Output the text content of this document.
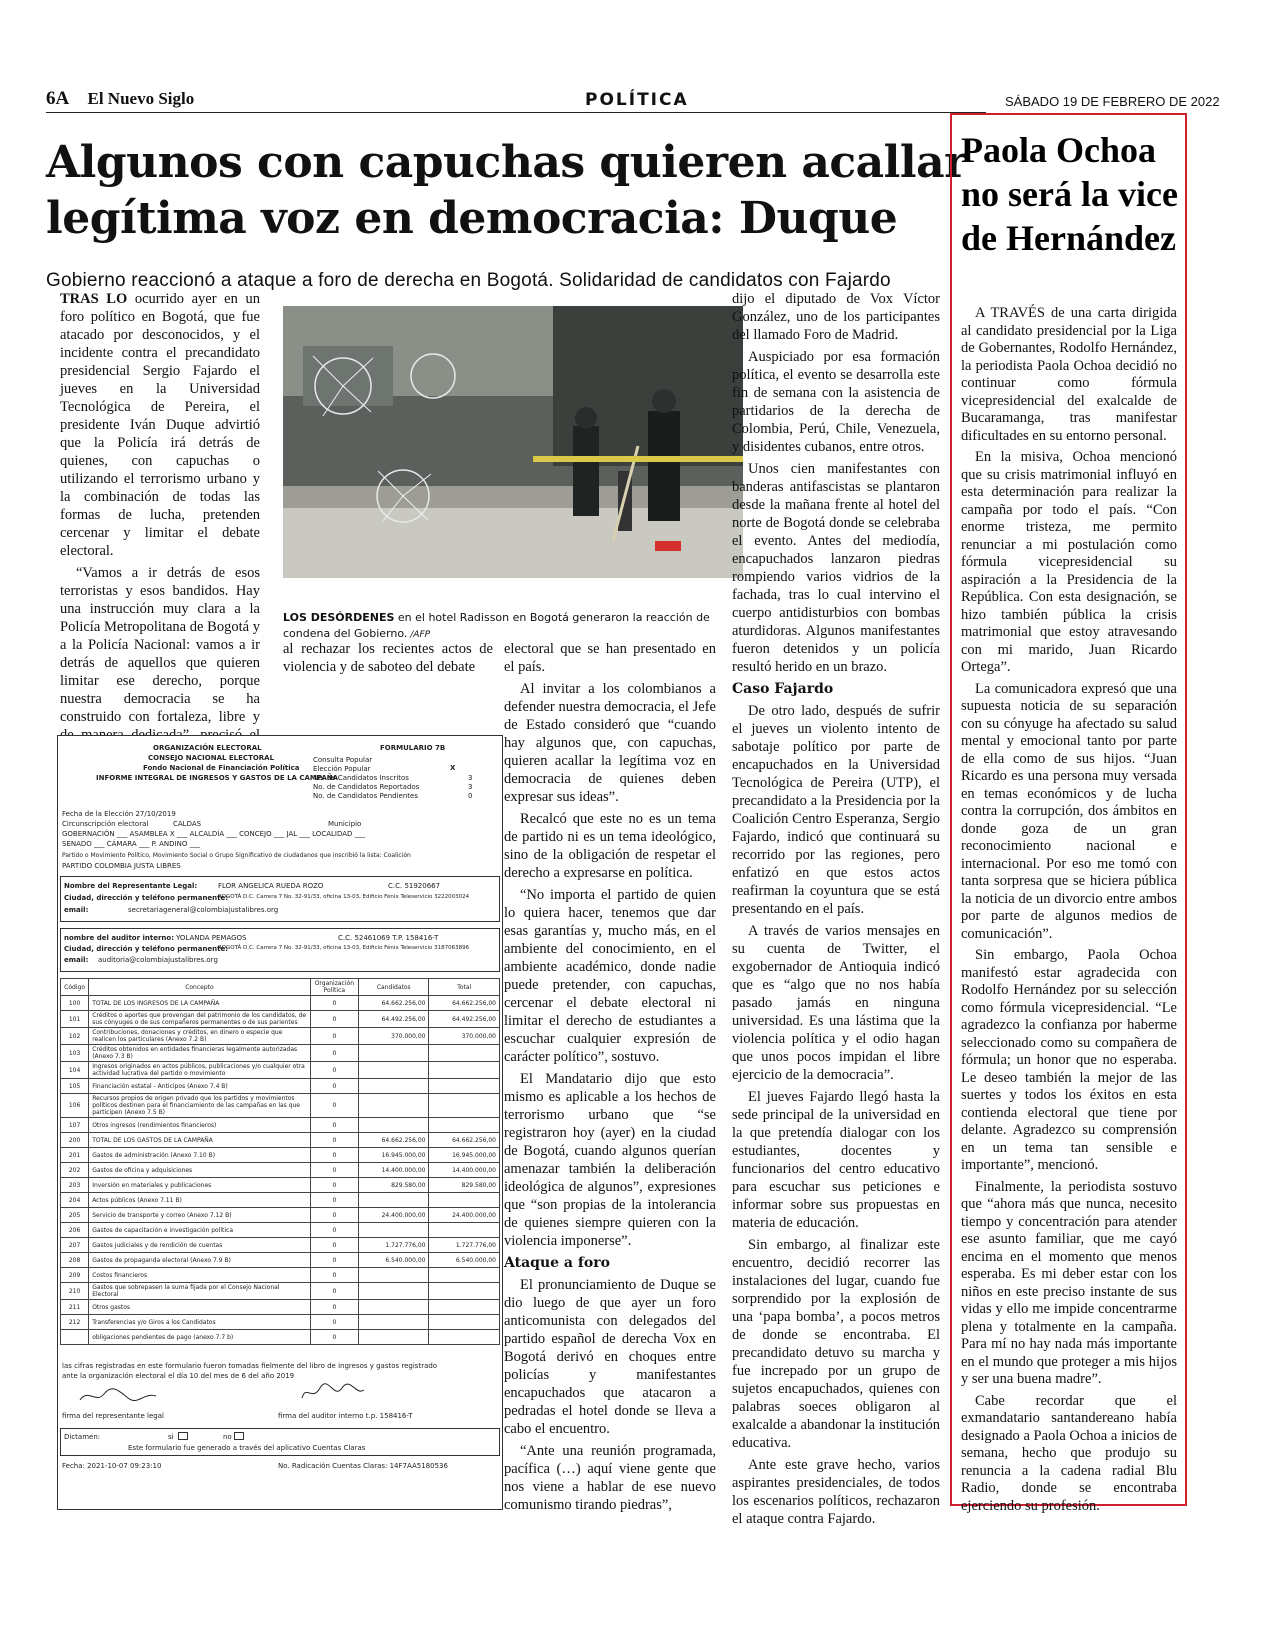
6A El Nuevo Siglo	POLÍTICA	SÁBADO 19 DE FEBRERO DE 2022
Algunos con capuchas quieren acallar legítima voz en democracia: Duque
Gobierno reaccionó a ataque a foro de derecha en Bogotá. Solidaridad de candidatos con Fajardo

TRAS LO ocurrido ayer en un foro político en Bogotá, que fue atacado por desconocidos, y el incidente contra el precandidato presidencial Sergio Fajardo el jueves en la Universidad Tecnológica de Pereira, el presidente Iván Duque advirtió que la Policía irá detrás de quienes, con capuchas o utilizando el terrorismo urbano y la combinación de todas las formas de lucha, pretenden cercenar y limitar el debate electoral.

“Vamos a ir detrás de esos terroristas y esos bandidos. Hay una instrucción muy clara a la Policía Metropolitana de Bogotá y a la Policía Nacional: vamos a ir detrás de aquellos que quieren limitar ese derecho, porque nuestra democracia se ha construido con fortaleza, libre y

LOS DESÓRDENES en el hotel Radisson en Bogotá generaron la reacción de condena del Gobierno. /AFP

al rechazar los recientes actos de violencia y de saboteo del debate

electoral que se han presentado en el país.

Al invitar a los colombianos a defender nuestra democracia, el Jefe de Estado consideró que “cuando hay algunos que, con capuchas, quieren acallar la legítima voz en democracia de quienes deben expresar sus ideas”.

Recalcó que este no es un tema de partido ni es un tema ideológico, sino de la obligación de respetar el derecho a expresarse en política.

“No importa el partido de quien lo quiera hacer, tenemos que dar esas garantías y, mucho más, en el ambiente del conocimiento, en el ambiente académico, donde nadie puede pretender, con capuchas, cercenar el debate electoral ni limitar el derecho de estudiantes a escuchar cualquier expresión de carácter político”, sostuvo.

El Mandatario dijo que esto mismo es aplicable a los hechos de terrorismo urbano que “se registraron hoy (ayer) en la ciudad de Bogotá, cuando algunos querían amenazar también la deliberación ideológica de algunos”, expresiones que “son propias de la intolerancia de quienes siempre quieren con la violencia imponerse”.

Ataque a foro

El pronunciamiento de Duque se dio luego de que ayer un foro anticomunista con delegados del partido español de derecha Vox en Bogotá derivó en choques entre policías y manifestantes encapuchados que atacaron a pedradas el hotel donde se lleva a cabo el encuentro.

“Ante una reunión programada, pacífica (…) aquí viene gente que nos viene a hablar de ese nuevo comunismo tirando piedras”,

dijo el diputado de Vox Víctor González, uno de los participantes del llamado Foro de Madrid.

Auspiciado por esa formación política, el evento se desarrolla este fin de semana con la asistencia de partidarios de la derecha de Colombia, Perú, Chile, Venezuela, y disidentes cubanos, entre otros.

Unos cien manifestantes con banderas antifascistas se plantaron desde la mañana frente al hotel del norte de Bogotá donde se celebraba el evento. Antes del mediodía, encapuchados lanzaron piedras rompiendo varios vidrios de la fachada, tras lo cual intervino el cuerpo antidisturbios con bombas aturdidoras. Algunos manifestantes fueron detenidos y un policía resultó herido en un brazo.

Caso Fajardo

De otro lado, después de sufrir el jueves un violento intento de sabotaje político por parte de encapuchados en la Universidad Tecnológica de Pereira (UTP), el precandidato a la Presidencia por la Coalición Centro Esperanza, Sergio Fajardo, indicó que continuará su recorrido por las regiones, pero enfatizó en que estos actos reafirman la coyuntura que se está presentando en el país.

A través de varios mensajes en su cuenta de Twitter, el exgobernador de Antioquia indicó que es “algo que no nos había pasado jamás en ninguna universidad. Es una lástima que la violencia política y el odio hagan que unos pocos impidan el libre ejercicio de la democracia”.

El jueves Fajardo llegó hasta la sede principal de la universidad en la que pretendía dialogar con los estudiantes, docentes y funcionarios del centro educativo para escuchar sus peticiones e informar sobre sus propuestas en materia de educación.

Sin embargo, al finalizar este encuentro, decidió recorrer las instalaciones del lugar, cuando fue sorprendido por la explosión de una ‘papa bomba’, a pocos metros de donde se encontraba. El precandidato detuvo su marcha y fue increpado por un grupo de sujetos encapuchados, quienes con palabras soeces obligaron al exalcalde a abandonar la institución educativa.

Ante este grave hecho, varios aspirantes presidenciales, de todos los escenarios políticos, rechazaron el ataque contra Fajardo.

ORGANIZACIÓN ELECTORAL
CONSEJO NACIONAL ELECTORAL
Fondo Nacional de Financiación Política
INFORME INTEGRAL DE INGRESOS Y GASTOS DE LA CAMPAÑA
FORMULARIO 7B
Consulta Popular
Elección Popular	X
No. de Candidatos Inscritos	3
No. de Candidatos Reportados	3
No. de Candidatos Pendientes	0
Fecha de la Elección 27/10/2019
Circunscripción electoral	CALDAS	Municipio
GOBERNACIÓN ___ ASAMBLEA X ___ ALCALDÍA ___ CONCEJO ___ JAL ___ LOCALIDAD ___
SENADO ___ CÁMARA ___ P. ANDINO ___
Partido o Movimiento Político, Movimiento Social o Grupo Significativo de ciudadanos que inscribió la lista: Coalición
PARTIDO COLOMBIA JUSTA LIBRES
Nombre del Representante Legal:	FLOR ANGELICA RUEDA ROZO	C.C. 51920667
Ciudad, dirección y teléfono permanente:
BOGOTÁ D.C. Carrera 7 No. 32-91/33, oficina 13-03, Edificio Fénix Teleservicio 3222003024
email:	secretariageneral@colombiajustalibres.org
nombre del auditor interno: YOLANDA PEMAGOS	C.C. 52461069 T.P. 158416-T
Ciudad, dirección y teléfono permanente:
BOGOTÁ D.C. Carrera 7 No. 32-91/33, oficina 13-03, Edificio Fénix Teleservicio 3187063896
email: auditoria@colombiajustalibres.org
Código	Concepto	Organización Política	Candidatos	Total
100	TOTAL DE LOS INGRESOS DE LA CAMPAÑA	0	64.662.256,00	64.662.256,00
101	Créditos o aportes que provengan del patrimonio de los candidatos, de sus cónyuges o de sus compañeros permanentes o de sus parientes	0	64.492.256,00	64.492.256,00
102	Contribuciones, donaciones y créditos, en dinero o especie que realicen los particulares (Anexo 7.2 B)	0	370.000,00	370.000,00
103	Créditos obtenidos en entidades financieras legalmente autorizadas (Anexo 7.3 B)	0		
104	Ingresos originados en actos públicos, publicaciones y/o cualquier otra actividad lucrativa del partido o movimiento	0		
105	Financiación estatal - Anticipos (Anexo 7.4 B)	0		
106	Recursos propios de origen privado que los partidos y movimientos políticos destinen para el financiamiento de las campañas en las que participen (Anexo 7.5 B)	0		
107	Otros ingresos (rendimientos financieros)	0		
200	TOTAL DE LOS GASTOS DE LA CAMPAÑA	0	64.662.256,00	64.662.256,00
201	Gastos de administración (Anexo 7.10 B)	0	16.945.000,00	16.945.000,00
202	Gastos de oficina y adquisiciones	0	14.400.000,00	14.400.000,00
203	Inversión en materiales y publicaciones	0	829.580,00	829.580,00
204	Actos públicos (Anexo 7.11 B)	0		
205	Servicio de transporte y correo (Anexo 7.12 B)	0	24.400.000,00	24.400.000,00
206	Gastos de capacitación e investigación política	0		
207	Gastos judiciales y de rendición de cuentas	0	1.727.776,00	1.727.776,00
208	Gastos de propaganda electoral (Anexo 7.9 B)	0	6.540.000,00	6.540.000,00
209	Costos financieros	0		
210	Gastos que sobrepasen la suma fijada por el Consejo Nacional Electoral	0		
211	Otros gastos	0		
212	Transferencias y/o Giros a los Candidatos	0		
	obligaciones pendientes de pago (anexo 7.7 b)	0		
las cifras registradas en este formulario fueron tomadas fielmente del libro de ingresos y gastos registrado
ante la organización electoral el día 10 del mes de 6 del año 2019
firma del representante legal	firma del auditor interno t.p. 158416-T
Dictamen:	si	no
Este formulario fue generado a través del aplicativo Cuentas Claras
Fecha: 2021-10-07 09:23:10	No. Radicación Cuentas Claras: 14F7AA5180536
Paola Ochoa no será la vice de Hernández

A TRAVÉS de una carta dirigida al candidato presidencial por la Liga de Gobernantes, Rodolfo Hernández, la periodista Paola Ochoa decidió no continuar como fórmula vicepresidencial del exalcalde de Bucaramanga, tras manifestar dificultades en su entorno personal.

En la misiva, Ochoa mencionó que su crisis matrimonial influyó en esta determinación para realizar la campaña por todo el país. “Con enorme tristeza, me permito renunciar a mi postulación como fórmula vicepresidencial su aspiración a la Presidencia de la República. Con esta designación, se hizo también pública la crisis matrimonial que estoy atravesando con mi marido, Juan Ricardo Ortega”.

La comunicadora expresó que una supuesta noticia de su separación con su cónyuge ha afectado su salud mental y emocional tanto por parte de ella como de sus hijos. “Juan Ricardo es una persona muy versada en temas económicos y de lucha contra la corrupción, dos ámbitos en donde goza de un gran reconocimiento nacional e internacional. Por eso me tomó con tanta sorpresa que se hiciera pública la noticia de un divorcio entre ambos por parte de algunos medios de comunicación”.

Sin embargo, Paola Ochoa manifestó estar agradecida con Rodolfo Hernández por su selección como fórmula vicepresidencial. “Le agradezco la confianza por haberme seleccionado como su compañera de fórmula; un honor que no esperaba. Le deseo también la mejor de las suertes y todos los éxitos en esta contienda electoral que tiene por delante. Agradezco su comprensión en un tema tan sensible e importante”, mencionó.

Finalmente, la periodista sostuvo que “ahora más que nunca, necesito tiempo y concentración para atender ese asunto familiar, que me cayó encima en el momento que menos esperaba. Es mi deber estar con los niños en este preciso instante de sus vidas y ello me impide concentrarme plena y totalmente en la campaña. Para mí no hay nada más importante en el mundo que proteger a mis hijos y ser una buena madre”.

Cabe recordar que el exmandatario santandereano había designado a Paola Ochoa a inicios de semana, hecho que produjo su renuncia a la cadena radial Blu Radio, donde se encontraba ejerciendo su profesión.
